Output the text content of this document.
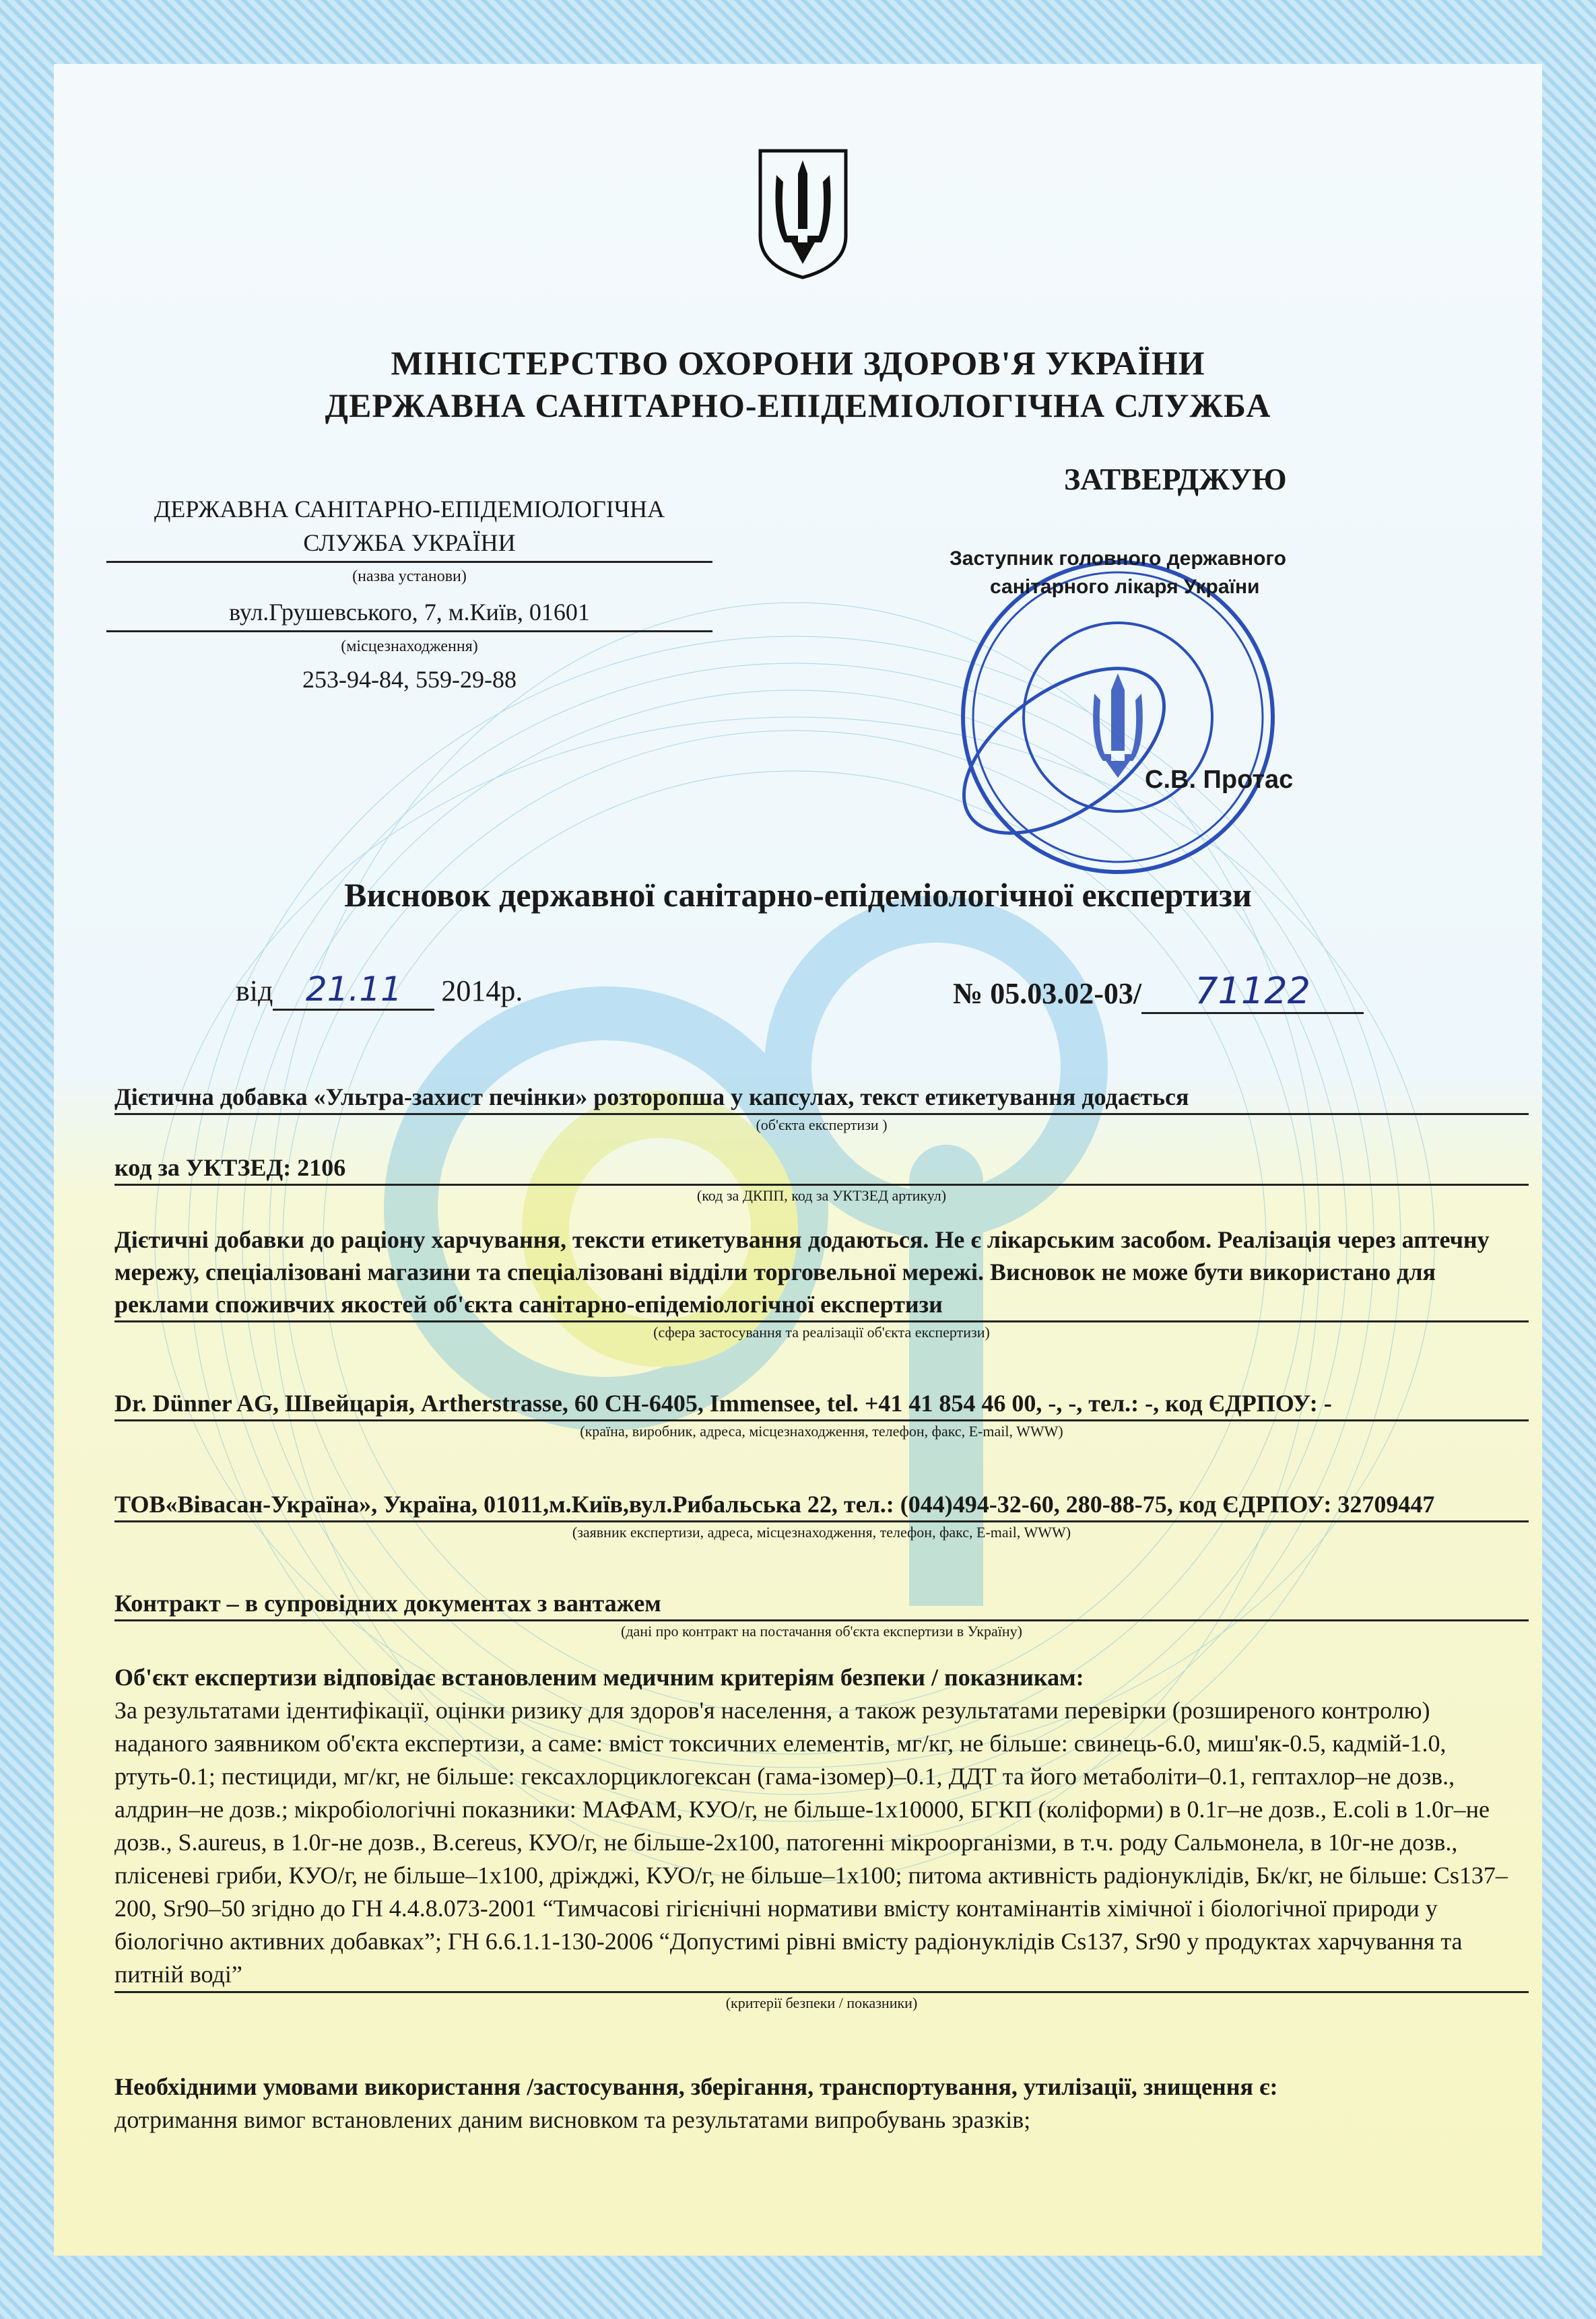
МІНІСТЕРСТВО ОХОРОНИ ЗДОРОВ'Я УКРАЇНИ
ДЕРЖАВНА САНІТАРНО-ЕПІДЕМІОЛОГІЧНА СЛУЖБА
ДЕРЖАВНА САНІТАРНО-ЕПІДЕМІОЛОГІЧНА
СЛУЖБА УКРАЇНИ
(назва установи)
вул.Грушевського, 7, м.Київ, 01601
(місцезнаходження)
253-94-84, 559-29-88
ЗАТВЕРДЖУЮ
Заступник головного державного
санітарного лікаря України
С.В. Протас
Висновок державної санітарно-епідеміологічної експертизи
від 21.11 2014р.	№ 05.03.02-03/ 71122
Дієтична добавка «Ультра-захист печінки» розторопша у капсулах, текст етикетування додається
(об'єкта експертизи )
код за УКТЗЕД: 2106
(код за ДКПП, код за УКТЗЕД артикул)
Дієтичні добавки до раціону харчування, тексти етикетування додаються. Не є лікарським засобом. Реалізація через аптечну мережу, спеціалізовані магазини та спеціалізовані відділи торговельної мережі. Висновок не може бути використано для реклами споживчих якостей об'єкта санітарно-епідеміологічної експертизи
(сфера застосування та реалізації об'єкта експертизи)
Dr. Dünner AG, Швейцарія, Artherstrasse, 60 CH-6405, Immensee, tel. +41 41 854 46 00, -, -, тел.: -, код ЄДРПОУ: -
(країна, виробник, адреса, місцезнаходження, телефон, факс, E-mail, WWW)
ТОВ«Вівасан-Україна», Україна, 01011,м.Київ,вул.Рибальська 22, тел.: (044)494-32-60, 280-88-75, код ЄДРПОУ: 32709447
(заявник експертизи, адреса, місцезнаходження, телефон, факс, E-mail, WWW)
Контракт – в супровідних документах з вантажем
(дані про контракт на постачання об'єкта експертизи в Україну)
Об'єкт експертизи відповідає встановленим медичним критеріям безпеки / показникам:
За результатами ідентифікації, оцінки ризику для здоров'я населення, а також результатами перевірки (розширеного контролю) наданого заявником об'єкта експертизи, а саме: вміст токсичних елементів, мг/кг, не більше: свинець-6.0, миш'як-0.5, кадмій-1.0, ртуть-0.1; пестициди, мг/кг, не більше: гексахлорциклогексан (гама-ізомер)–0.1, ДДТ та його метаболіти–0.1, гептахлор–не дозв., алдрин–не дозв.; мікробіологічні показники: МАФАМ, КУО/г, не більше-1х10000, БГКП (коліформи) в 0.1г–не дозв., E.coli в 1.0г–не дозв., S.aureus, в 1.0г-не дозв., B.cereus, КУО/г, не більше-2х100, патогенні мікроорганізми, в т.ч. роду Сальмонела, в 10г-не дозв., плісеневі гриби, КУО/г, не більше–1х100, дріжджі, КУО/г, не більше–1х100; питома активність радіонуклідів, Бк/кг, не більше: Cs137–200, Sr90–50 згідно до ГН 4.4.8.073-2001 “Тимчасові гігієнічні нормативи вмісту контамінантів хімічної і біологічної природи у біологічно активних добавках”; ГН 6.6.1.1-130-2006 “Допустимі рівні вмісту радіонуклідів Cs137, Sr90 у продуктах харчування та питній воді”
(критерії безпеки / показники)
Необхідними умовами використання /застосування, зберігання, транспортування, утилізації, знищення є:
дотримання вимог встановлених даним висновком та результатами випробувань зразків;
